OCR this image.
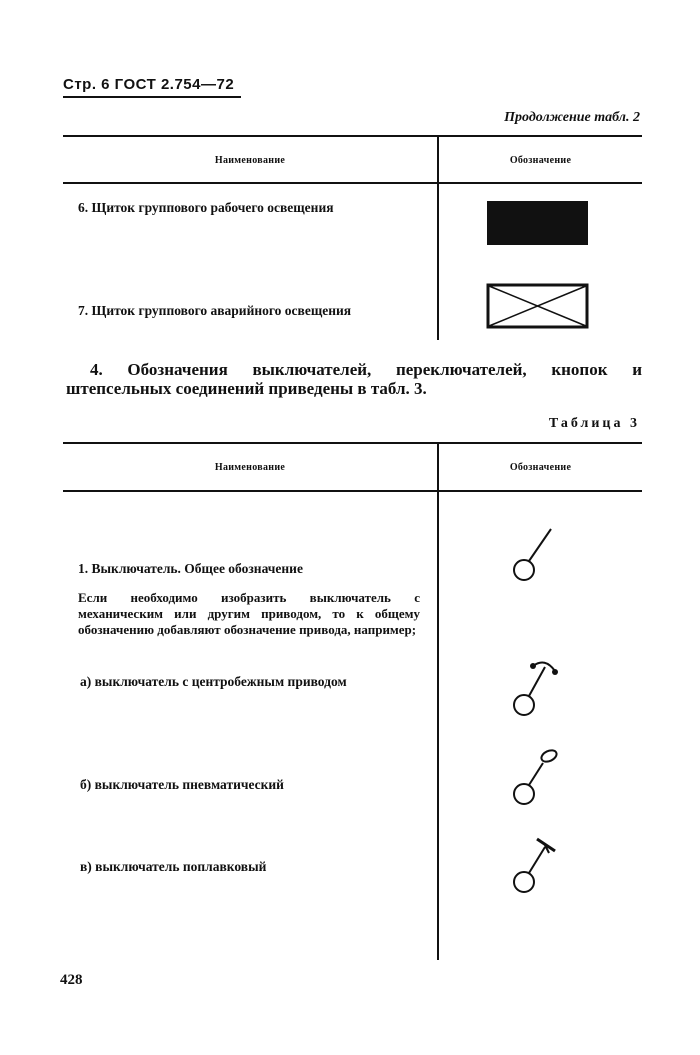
Стр. 6 ГОСТ 2.754—72
Продолжение табл. 2
Наименование	Обозначение
6. Щиток группового рабочего освещения
7. Щиток группового аварийного освещения
4. Обозначения выключателей, переключателей, кнопок и штепсельных соединений приведены в табл. 3.
Таблица 3
Наименование	Обозначение
1. Выключатель. Общее обозначение
Если необходимо изобразить выключатель с механическим или другим приводом, то к общему обозначению добавляют обозначение привода, например;
а) выключатель с центробежным приводом
б) выключатель пневматический
в) выключатель поплавковый
428
